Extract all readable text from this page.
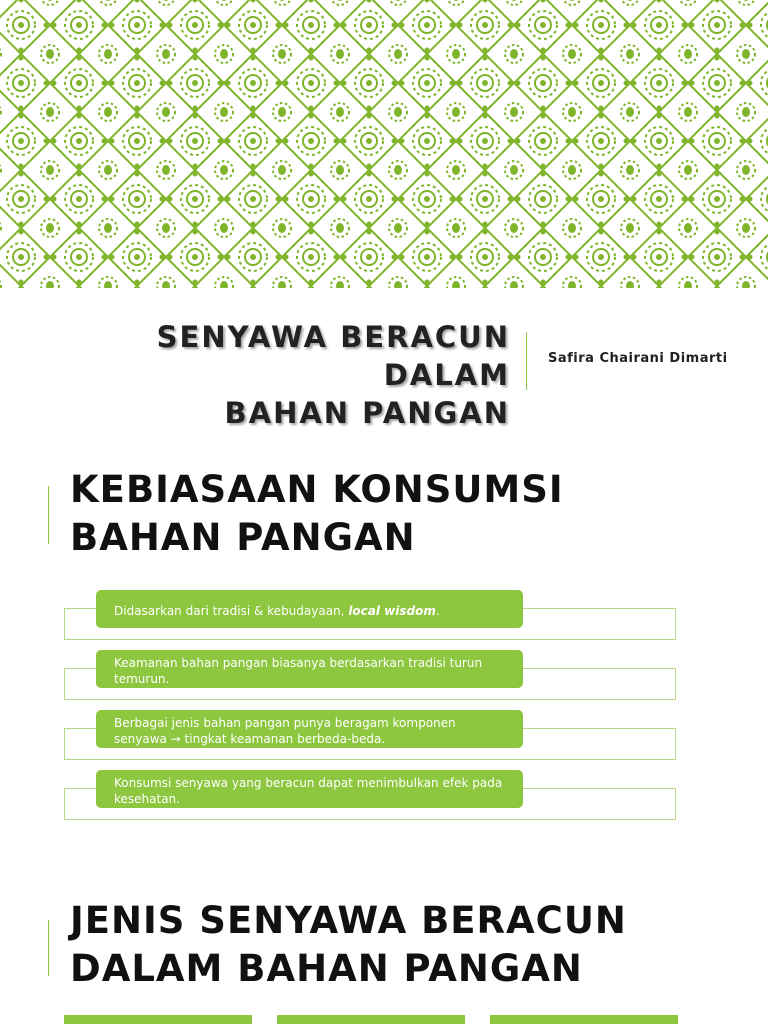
SENYAWA BERACUN DALAM
BAHAN PANGAN
Safira Chairani Dimarti
KEBIASAAN KONSUMSI
BAHAN PANGAN
Didasarkan dari tradisi & kebudayaan, local wisdom.
Keamanan bahan pangan biasanya berdasarkan tradisi turun temurun.
Berbagai jenis bahan pangan punya beragam komponen senyawa → tingkat keamanan berbeda-beda.
Konsumsi senyawa yang beracun dapat menimbulkan efek pada kesehatan.
JENIS SENYAWA BERACUN
DALAM BAHAN PANGAN
